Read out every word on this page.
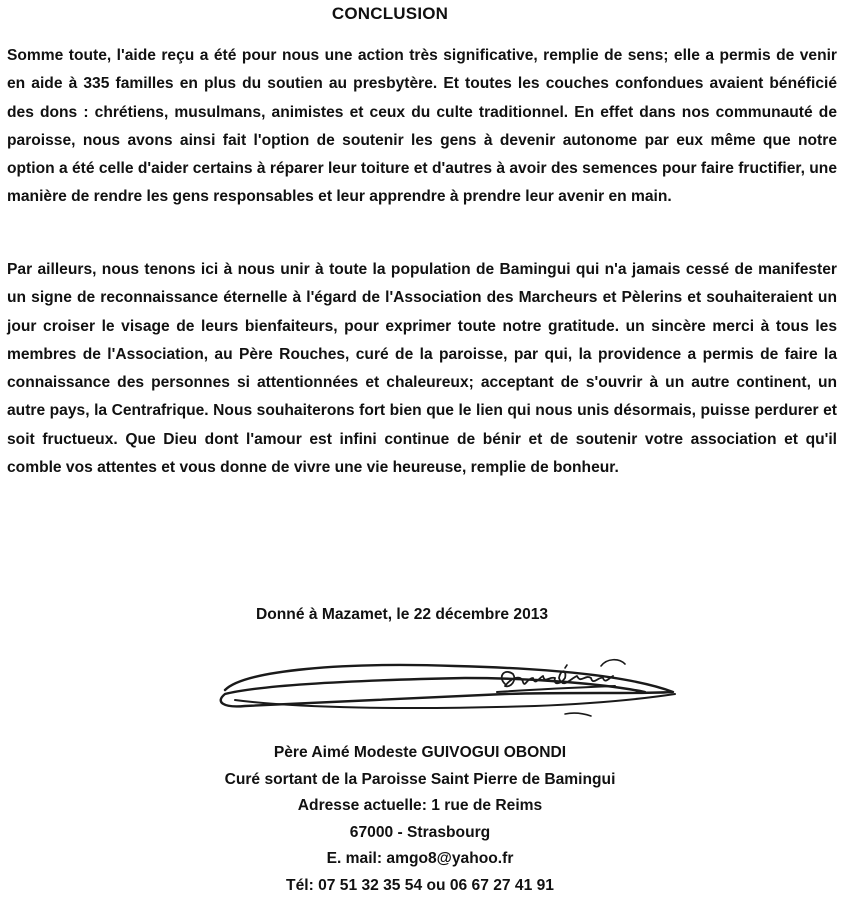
CONCLUSION

Somme toute, l'aide reçu a été pour nous une action très significative, remplie de sens; elle a permis de venir en aide à 335 familles en plus du soutien au presbytère. Et toutes les couches confondues avaient bénéficié des dons : chrétiens, musulmans, animistes et ceux du culte traditionnel. En effet dans nos communauté de paroisse, nous avons ainsi fait l'option de soutenir les gens à devenir autonome par eux même que notre option a été celle d'aider certains à réparer leur toiture et d'autres à avoir des semences pour faire fructifier, une manière de rendre les gens responsables et leur apprendre à prendre leur avenir en main.

Par ailleurs, nous tenons ici à nous unir à toute la population de Bamingui qui n'a jamais cessé de manifester un signe de reconnaissance éternelle à l'égard de l'Association des Marcheurs et Pèlerins et souhaiteraient un jour croiser le visage de leurs bienfaiteurs, pour exprimer toute notre gratitude. un sincère merci à tous les membres de l'Association, au Père Rouches, curé de la paroisse, par qui, la providence a permis de faire la connaissance des personnes si attentionnées et chaleureux; acceptant de s'ouvrir à un autre continent, un autre pays, la Centrafrique. Nous souhaiterons fort bien que le lien qui nous unis désormais, puisse perdurer et soit fructueux. Que Dieu dont l'amour est infini continue de bénir et de soutenir votre association et qu'il comble vos attentes et vous donne de vivre une vie heureuse, remplie de bonheur.

Donné à Mazamet, le 22 décembre 2013
Père Aimé Modeste GUIVOGUI OBONDI
Curé sortant de la Paroisse Saint Pierre de Bamingui
Adresse actuelle: 1 rue de Reims
67000 - Strasbourg
E. mail: amgo8@yahoo.fr
Tél: 07 51 32 35 54 ou 06 67 27 41 91
